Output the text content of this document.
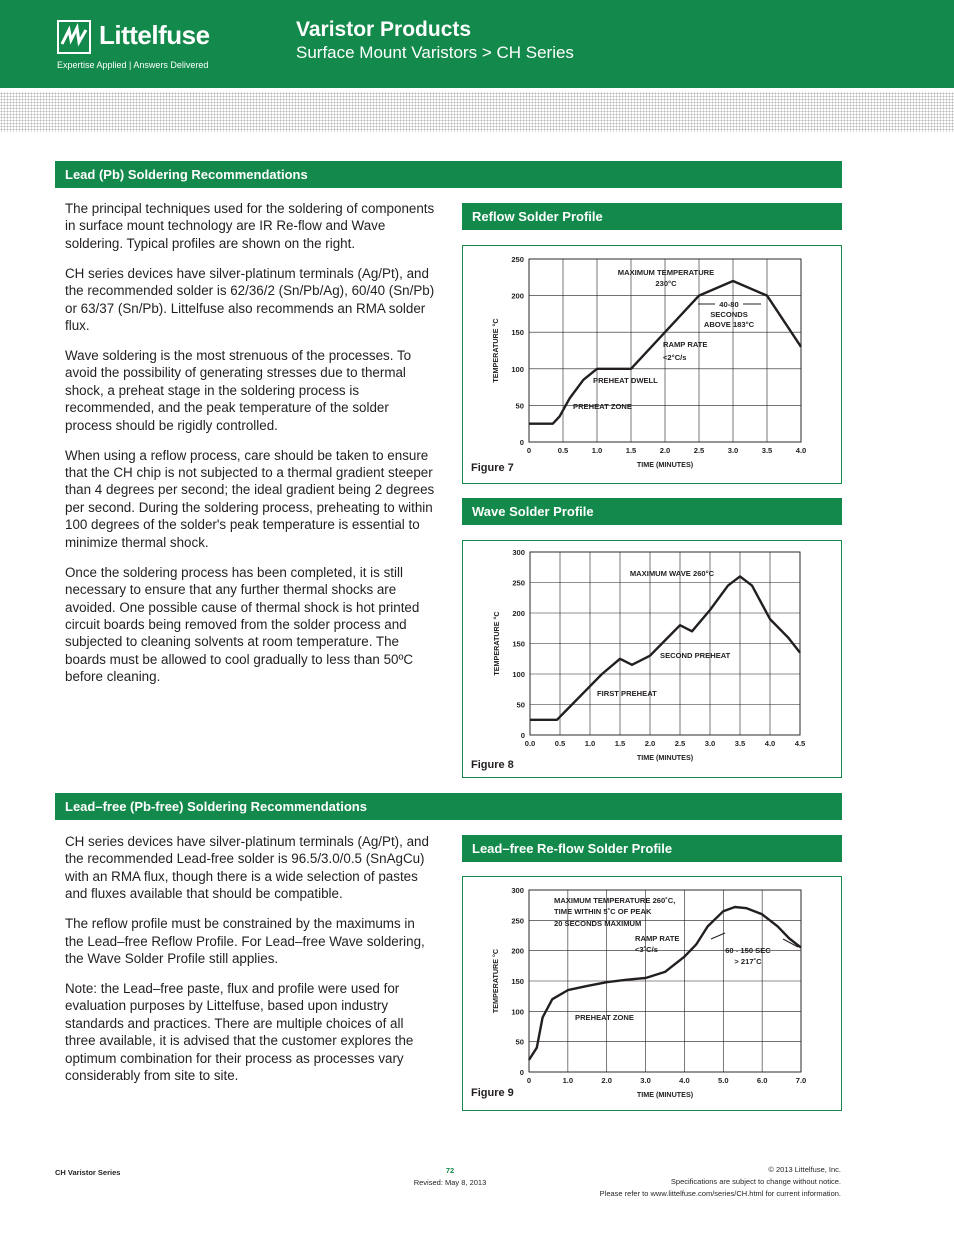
Littelfuse
Expertise Applied | Answers Delivered
Varistor Products
Surface Mount Varistors > CH Series
Lead (Pb) Soldering Recommendations

The principal techniques used for the soldering of components in surface mount technology are IR Re-flow and Wave soldering. Typical profiles are shown on the right.

CH series devices have silver-platinum terminals (Ag/Pt), and the recommended solder is 62/36/2 (Sn/Pb/Ag), 60/40 (Sn/Pb) or 63/37 (Sn/Pb). Littelfuse also recommends an RMA solder flux.

Wave soldering is the most strenuous of the processes. To avoid the possibility of generating stresses due to thermal shock, a preheat stage in the soldering process is recommended, and the peak temperature of the solder process should be rigidly controlled.

When using a reflow process, care should be taken to ensure that the CH chip is not subjected to a thermal gradient steeper than 4 degrees per second; the ideal gradient being 2 degrees per second. During the soldering process, preheating to within 100 degrees of the solder's peak temperature is essential to minimize thermal shock.

Once the soldering process has been completed, it is still necessary to ensure that any further thermal shocks are avoided. One possible cause of thermal shock is hot printed circuit boards being removed from the solder process and subjected to cleaning solvents at room temperature. The boards must be allowed to cool gradually to less than 50ºC before cleaning.

Reflow Solder Profile
0	0.5	1.0	1.5	2.0	2.5	3.0	3.5	4.0
0
50
100
150
200
250
TIME (MINUTES)
TEMPERATURE °C
MAXIMUM TEMPERATURE
230°C
40-80
SECONDS
ABOVE 183°C
RAMP RATE
<2°C/s
PREHEAT DWELL
PREHEAT ZONE
Figure 7
Wave Solder Profile
0.0	0.5	1.0	1.5	2.0	2.5	3.0	3.5	4.0	4.5
0
50
100
150
200
250
300
TIME (MINUTES)
TEMPERATURE °C
MAXIMUM WAVE 260°C
SECOND PREHEAT
FIRST PREHEAT
Figure 8
Lead–free (Pb-free) Soldering Recommendations

CH series devices have silver-platinum terminals (Ag/Pt), and the recommended Lead-free solder is 96.5/3.0/0.5 (SnAgCu) with an RMA flux, though there is a wide selection of pastes and fluxes available that should be compatible.

The reflow profile must be constrained by the maximums in the Lead–free Reflow Profile. For Lead–free Wave soldering, the Wave Solder Profile still applies.

Note: the Lead–free paste, flux and profile were used for evaluation purposes by Littelfuse, based upon industry standards and practices. There are multiple choices of all three available, it is advised that the customer explores the optimum combination for their process as processes vary considerably from site to site.

Lead–free Re-flow Solder Profile
0	1.0	2.0	3.0	4.0	5.0	6.0	7.0
0
50
100
150
200
250
300
TIME (MINUTES)
TEMPERATURE °C
MAXIMUM TEMPERATURE 260˚C,
TIME WITHIN 5˚C OF PEAK
20 SECONDS MAXIMUM
RAMP RATE
<3˚C/s	60 - 150 SEC
> 217˚C
PREHEAT ZONE
Figure 9
CH Varistor Series	72
Revised: May 8, 2013
© 2013 Littelfuse, Inc.
Specifications are subject to change without notice.
Please refer to www.littelfuse.com/series/CH.html for current information.
